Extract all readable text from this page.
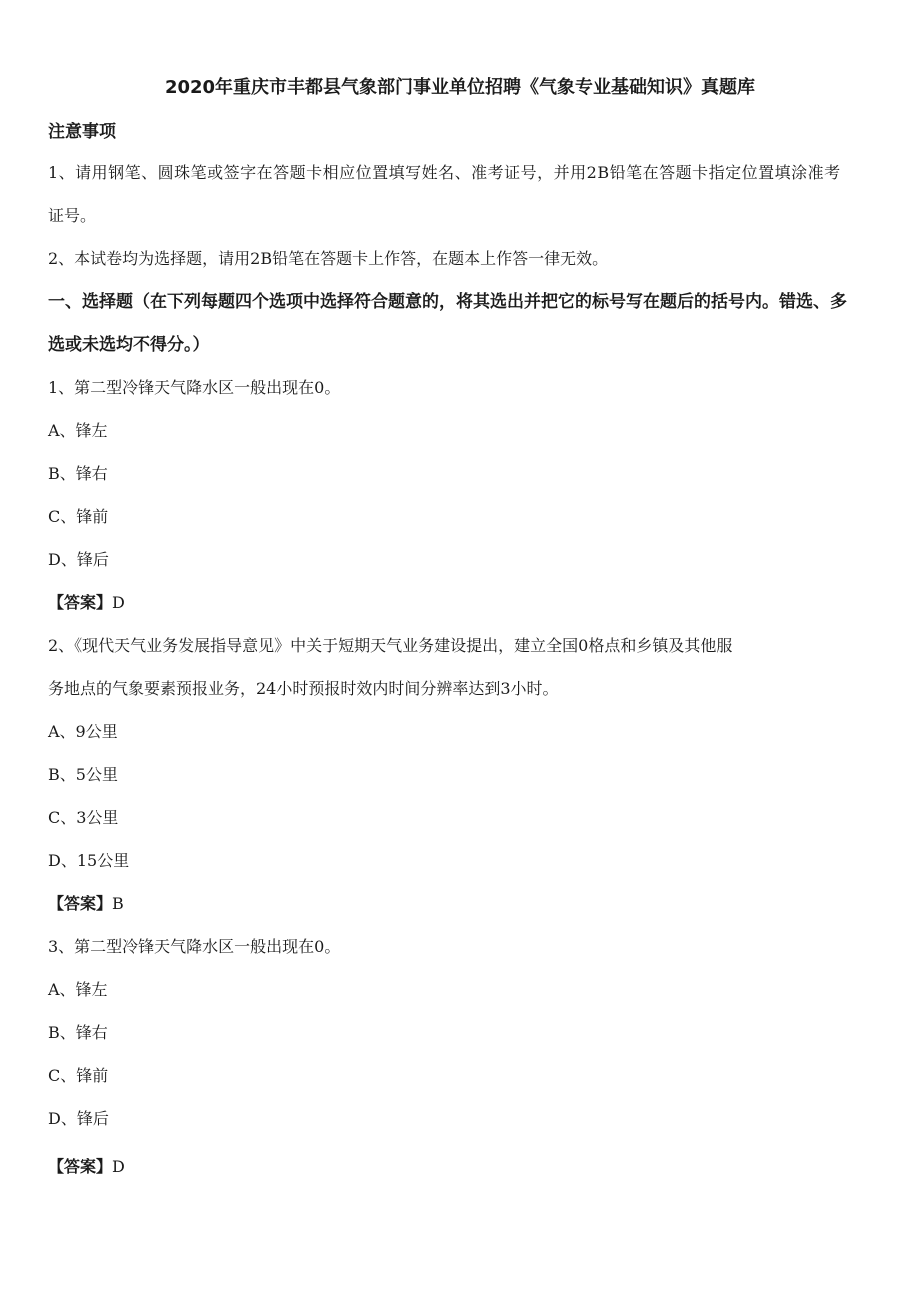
2020年重庆市丰都县气象部门事业单位招聘《气象专业基础知识》真题库
注意事项
1、请用钢笔、圆珠笔或签字在答题卡相应位置填写姓名、准考证号，并用2B铅笔在答题卡指定位置填涂准考
证号。
2、本试卷均为选择题，请用2B铅笔在答题卡上作答，在题本上作答一律无效。
一、选择题（在下列每题四个选项中选择符合题意的，将其选出并把它的标号写在题后的括号内。错选、多
选或未选均不得分。）
1、第二型冷锋天气降水区一般出现在0。
A、锋左
B、锋右
C、锋前
D、锋后
【答案】D
2、《现代天气业务发展指导意见》中关于短期天气业务建设提出，建立全国0格点和乡镇及其他服
务地点的气象要素预报业务，24小时预报时效内时间分辨率达到3小时。
A、9公里
B、5公里
C、3公里
D、15公里
【答案】B
3、第二型冷锋天气降水区一般出现在0。
A、锋左
B、锋右
C、锋前
D、锋后
【答案】D
